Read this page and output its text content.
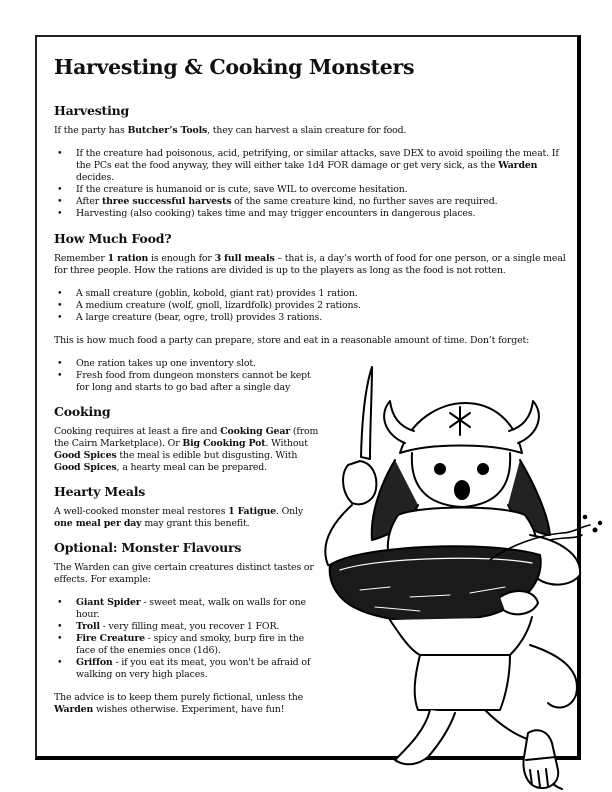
Harvesting & Cooking Monsters
Harvesting

If the party has Butcher’s Tools, they can harvest a slain creature for food.

• If the creature had poisonous, acid, petrifying, or similar attacks, save DEX to avoid spoiling the meat. If the PCs eat the food anyway, they will either take 1d4 FOR damage or get very sick, as the Warden decides.
• If the creature is humanoid or is cute, save WIL to overcome hesitation.
• After three successful harvests of the same creature kind, no further saves are required.
• Harvesting (also cooking) takes time and may trigger encounters in dangerous places.
How Much Food?

Remember 1 ration is enough for 3 full meals – that is, a day’s worth of food for one person, or a single meal for three people. How the rations are divided is up to the players as long as the food is not rotten.

• A small creature (goblin, kobold, giant rat) provides 1 ration.
• A medium creature (wolf, gnoll, lizardfolk) provides 2 rations.
• A large creature (bear, ogre, troll) provides 3 rations.

This is how much food a party can prepare, store and eat in a reasonable amount of time. Don’t forget:

• One ration takes up one inventory slot.
• Fresh food from dungeon monsters cannot be kept for long and starts to go bad after a single day
Cooking

Cooking requires at least a fire and Cooking Gear (from the Cairn Marketplace). Or Big Cooking Pot. Without Good Spices the meal is edible but disgusting. With Good Spices, a hearty meal can be prepared.

Hearty Meals

A well-cooked monster meal restores 1 Fatigue. Only one meal per day may grant this benefit.

Optional: Monster Flavours

The Warden can give certain creatures distinct tastes or effects. For example:

• Giant Spider - sweet meat, walk on walls for one hour.
• Troll - very filling meat, you recover 1 FOR.
• Fire Creature - spicy and smoky, burp fire in the face of the enemies once (1d6).
• Griffon - if you eat its meat, you won't be afraid of walking on very high places.

The advice is to keep them purely fictional, unless the Warden wishes otherwise. Experiment, have fun!
